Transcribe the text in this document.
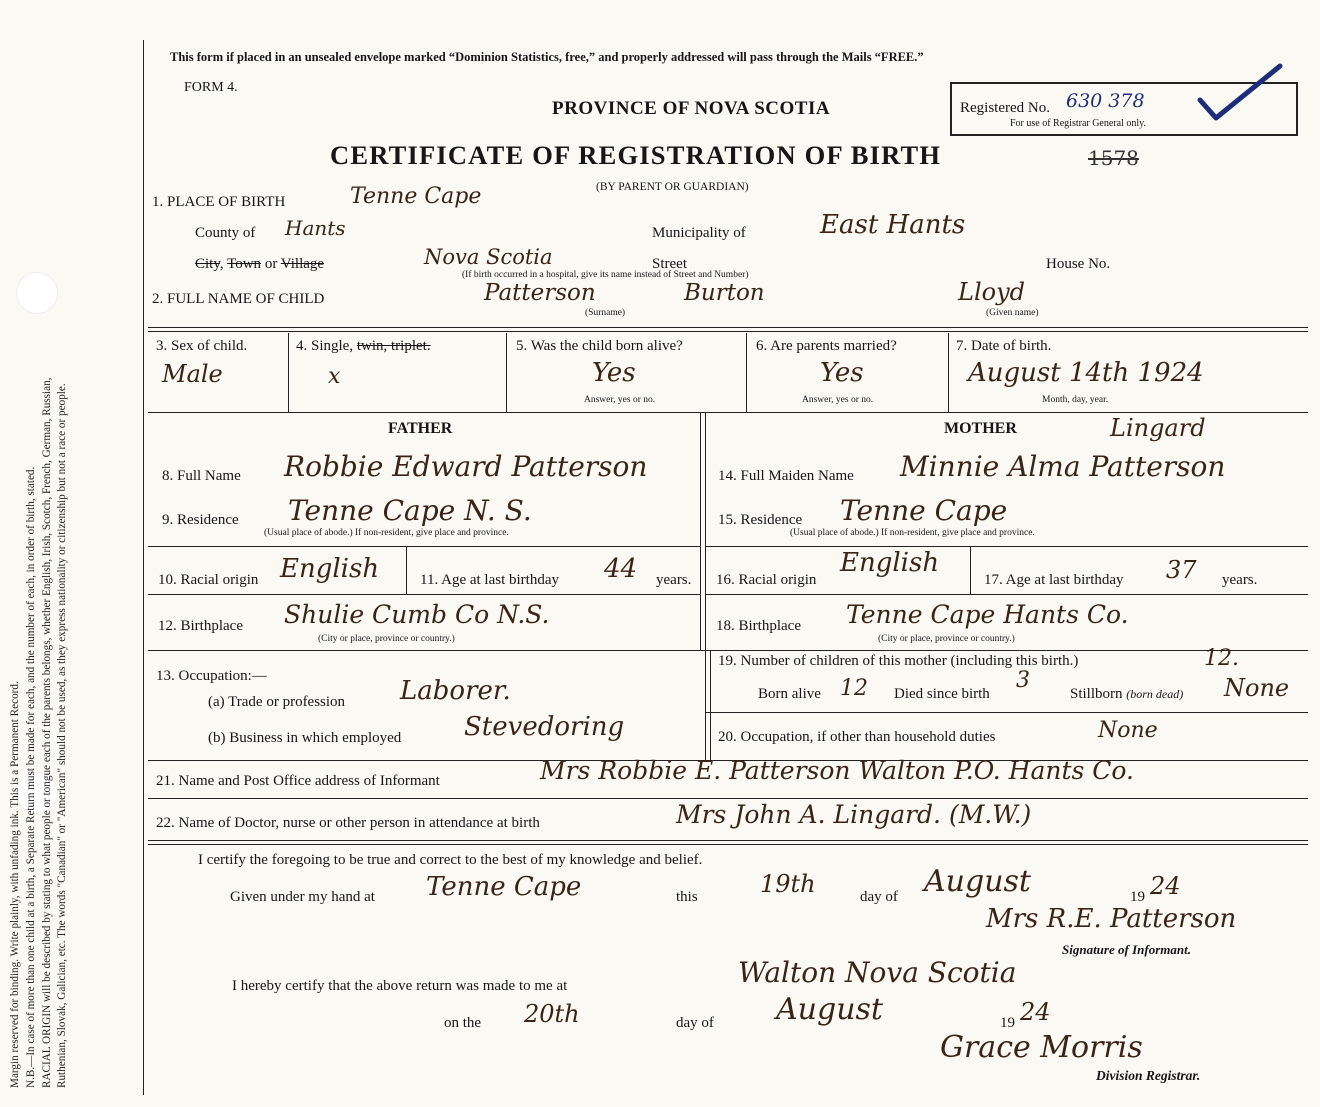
Margin reserved for binding. Write plainly, with unfading ink. This is a Permanent Record. N.B.—In case of more than one child at a birth, a Separate Return must be made for each, and the number of each, in order of birth, stated. RACIAL ORIGIN will be described by stating to what people or tongue each of the parents belongs, whether English, Irish, Scotch, French, German, Russian, Ruthenian, Slovak, Galician, etc. The words "Canadian" or "American" should not be used, as they express nationality or citizenship but not a race or people.
This form if placed in an unsealed envelope marked “Dominion Statistics, free,” and properly addressed will pass through the Mails “FREE.”
FORM 4.
PROVINCE OF NOVA SCOTIA	Registered No. 630 378
For use of Registrar General only.
CERTIFICATE OF REGISTRATION OF BIRTH	1578
(BY PARENT OR GUARDIAN)
1. PLACE OF BIRTH	Tenne Cape
County of Hants	Municipality of	East Hants
City, Town or Village	Nova Scotia	Street	House No.
(If birth occurred in a hospital, give its name instead of Street and Number)
2. FULL NAME OF CHILD	Patterson	Burton	Lloyd
(Surname)	(Given name)
3. Sex of child.
Male
4. Single, twin, triplet.
x
5. Was the child born alive?
Yes
Answer, yes or no.
6. Are parents married?
Yes
Answer, yes or no.
7. Date of birth.
August 14th 1924
Month, day, year.
FATHER	MOTHER	Lingard
8. Full Name Robbie Edward Patterson
9. Residence Tenne Cape N. S.
(Usual place of abode.) If non-resident, give place and province.
10. Racial origin English	11. Age at last birthday 44 years.
12. Birthplace Shulie Cumb Co N.S.
(City or place, province or country.)
14. Full Maiden Name Minnie Alma Patterson
15. Residence Tenne Cape
(Usual place of abode.) If non-resident, give place and province.
16. Racial origin
English
17. Age at last birthday 37 years.
18. Birthplace Tenne Cape Hants Co.
(City or place, province or country.)
13. Occupation:—
(a) Trade or profession Laborer.
(b) Business in which employed Stevedoring
19. Number of children of this mother (including this birth.)	12.
Born alive 12 Died since birth
3
Stillborn (born dead) None
20. Occupation, if other than household duties	None
21. Name and Post Office address of Informant	Mrs Robbie E. Patterson Walton P.O. Hants Co.
22. Name of Doctor, nurse or other person in attendance at birth	Mrs John A. Lingard. (M.W.)
I certify the foregoing to be true and correct to the best of my knowledge and belief.
Given under my hand at Tenne Cape	this	19th	day of August	19 24
Mrs R.E. Patterson
Signature of Informant.
I hereby certify that the above return was made to me at	Walton Nova Scotia
on the 20th	day of August	19 24
Grace Morris
Division Registrar.
